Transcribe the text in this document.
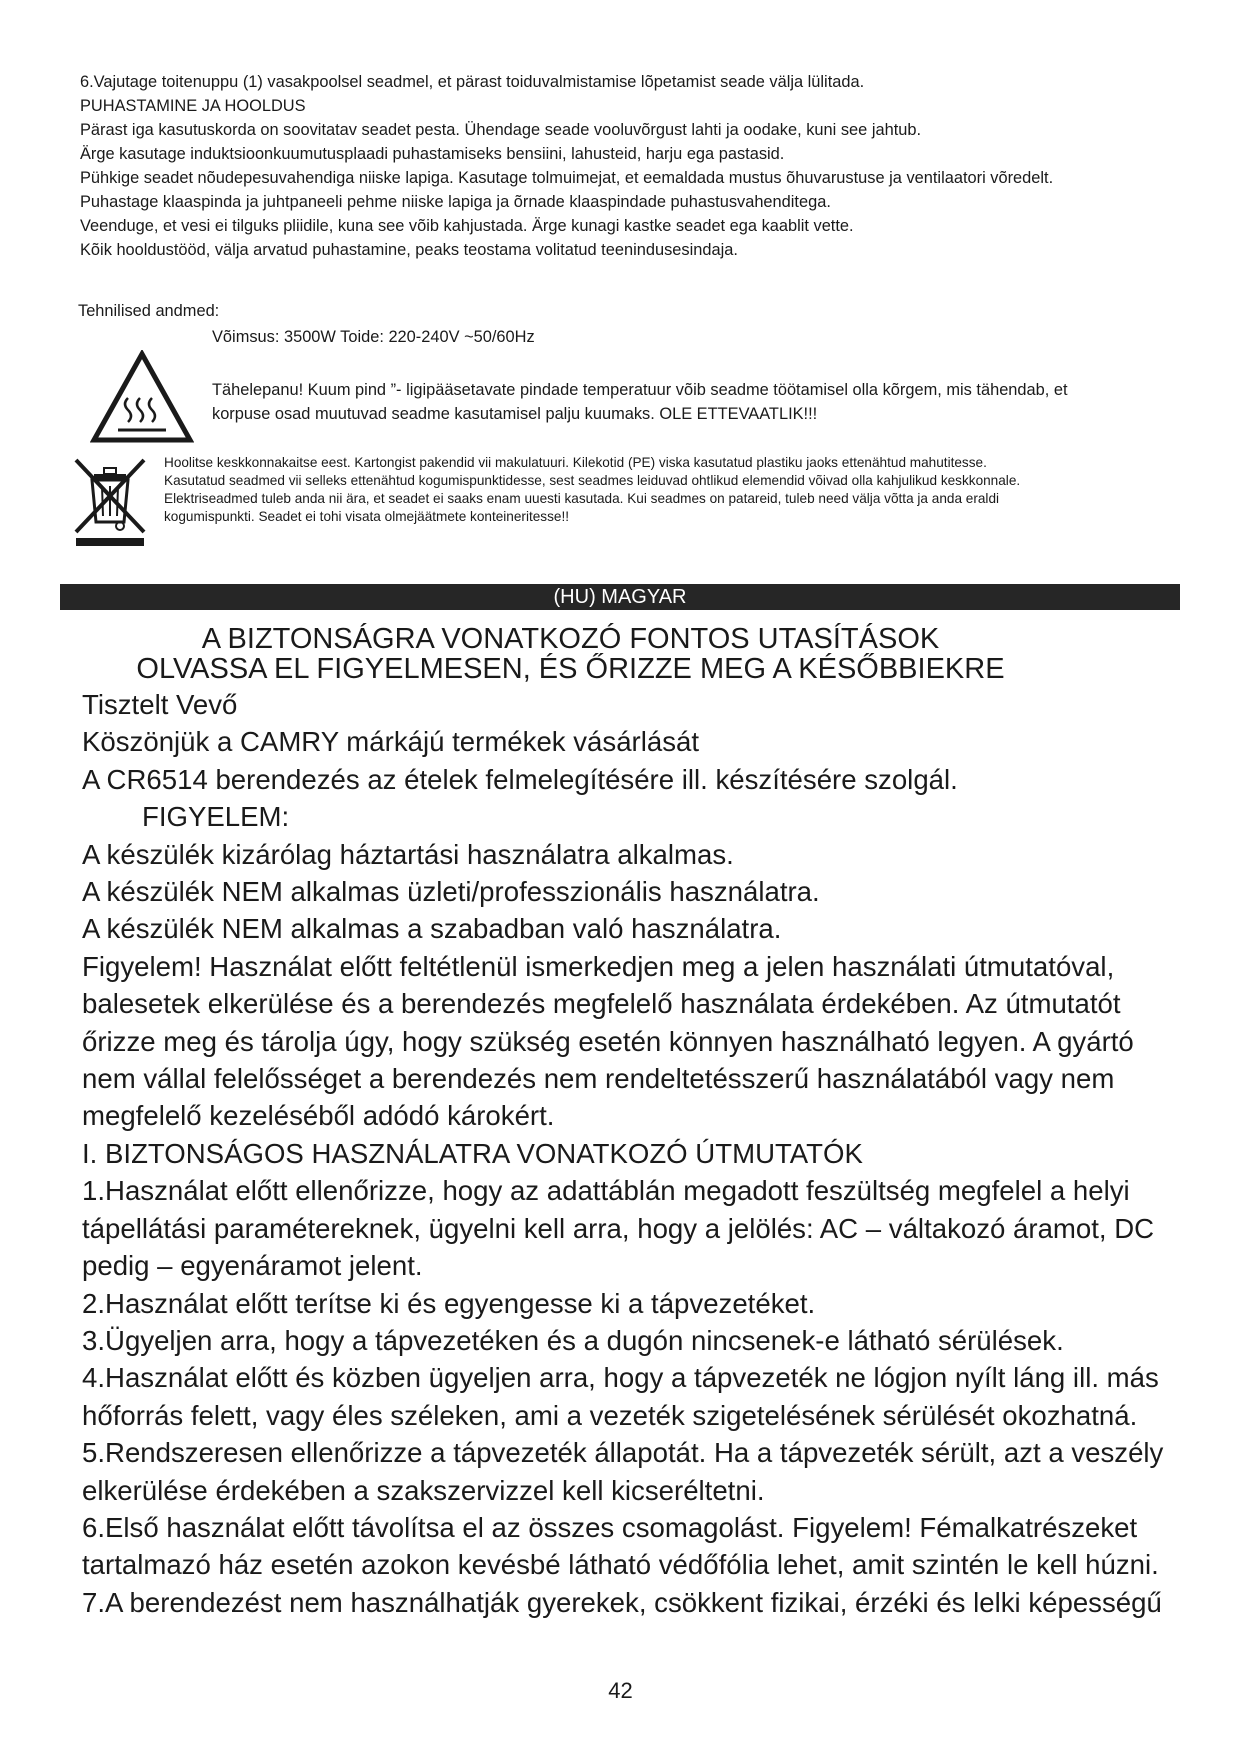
6.Vajutage toitenuppu (1) vasakpoolsel seadmel, et pärast toiduvalmistamise lõpetamist seade välja lülitada.

PUHASTAMINE JA HOOLDUS

Pärast iga kasutuskorda on soovitatav seadet pesta. Ühendage seade vooluvõrgust lahti ja oodake, kuni see jahtub.

Ärge kasutage induktsioonkuumutusplaadi puhastamiseks bensiini, lahusteid, harju ega pastasid.

Pühkige seadet nõudepesuvahendiga niiske lapiga. Kasutage tolmuimejat, et eemaldada mustus õhuvarustuse ja ventilaatori võredelt.

Puhastage klaaspinda ja juhtpaneeli pehme niiske lapiga ja õrnade klaaspindade puhastusvahenditega.

Veenduge, et vesi ei tilguks pliidile, kuna see võib kahjustada. Ärge kunagi kastke seadet ega kaablit vette.

Kõik hooldustööd, välja arvatud puhastamine, peaks teostama volitatud teenindusesindaja.

Tehnilised andmed:
Võimsus: 3500W Toide: 220-240V ~50/60Hz

Tähelepanu! Kuum pind ”- ligipääsetavate pindade temperatuur võib seadme töötamisel olla kõrgem, mis tähendab, et

korpuse osad muutuvad seadme kasutamisel palju kuumaks. OLE ETTEVAATLIK!!!

Hoolitse keskkonnakaitse eest. Kartongist pakendid vii makulatuuri. Kilekotid (PE) viska kasutatud plastiku jaoks ettenähtud mahutitesse.

Kasutatud seadmed vii selleks ettenähtud kogumispunktidesse, sest seadmes leiduvad ohtlikud elemendid võivad olla kahjulikud keskkonnale.

Elektriseadmed tuleb anda nii ära, et seadet ei saaks enam uuesti kasutada. Kui seadmes on patareid, tuleb need välja võtta ja anda eraldi

kogumispunkti. Seadet ei tohi visata olmejäätmete konteineritesse!!

(HU) MAGYAR
A BIZTONSÁGRA VONATKOZÓ FONTOS UTASÍTÁSOK
OLVASSA EL FIGYELMESEN, ÉS ŐRIZZE MEG A KÉSŐBBIEKRE

Tisztelt Vevő

Köszönjük a CAMRY márkájú termékek vásárlását

A CR6514 berendezés az ételek felmelegítésére ill. készítésére szolgál.

FIGYELEM:

A készülék kizárólag háztartási használatra alkalmas.

A készülék NEM alkalmas üzleti/professzionális használatra.

A készülék NEM alkalmas a szabadban való használatra.

Figyelem! Használat előtt feltétlenül ismerkedjen meg a jelen használati útmutatóval,

balesetek elkerülése és a berendezés megfelelő használata érdekében. Az útmutatót

őrizze meg és tárolja úgy, hogy szükség esetén könnyen használható legyen. A gyártó

nem vállal felelősséget a berendezés nem rendeltetésszerű használatából vagy nem

megfelelő kezeléséből adódó károkért.

I. BIZTONSÁGOS HASZNÁLATRA VONATKOZÓ ÚTMUTATÓK

1.Használat előtt ellenőrizze, hogy az adattáblán megadott feszültség megfelel a helyi

tápellátási paramétereknek, ügyelni kell arra, hogy a jelölés: AC – váltakozó áramot, DC

pedig – egyenáramot jelent.

2.Használat előtt terítse ki és egyengesse ki a tápvezetéket.

3.Ügyeljen arra, hogy a tápvezetéken és a dugón nincsenek-e látható sérülések.

4.Használat előtt és közben ügyeljen arra, hogy a tápvezeték ne lógjon nyílt láng ill. más

hőforrás felett, vagy éles széleken, ami a vezeték szigetelésének sérülését okozhatná.

5.Rendszeresen ellenőrizze a tápvezeték állapotát. Ha a tápvezeték sérült, azt a veszély

elkerülése érdekében a szakszervizzel kell kicseréltetni.

6.Első használat előtt távolítsa el az összes csomagolást. Figyelem! Fémalkatrészeket

tartalmazó ház esetén azokon kevésbé látható védőfólia lehet, amit szintén le kell húzni.

7.A berendezést nem használhatják gyerekek, csökkent fizikai, érzéki és lelki képességű

42
